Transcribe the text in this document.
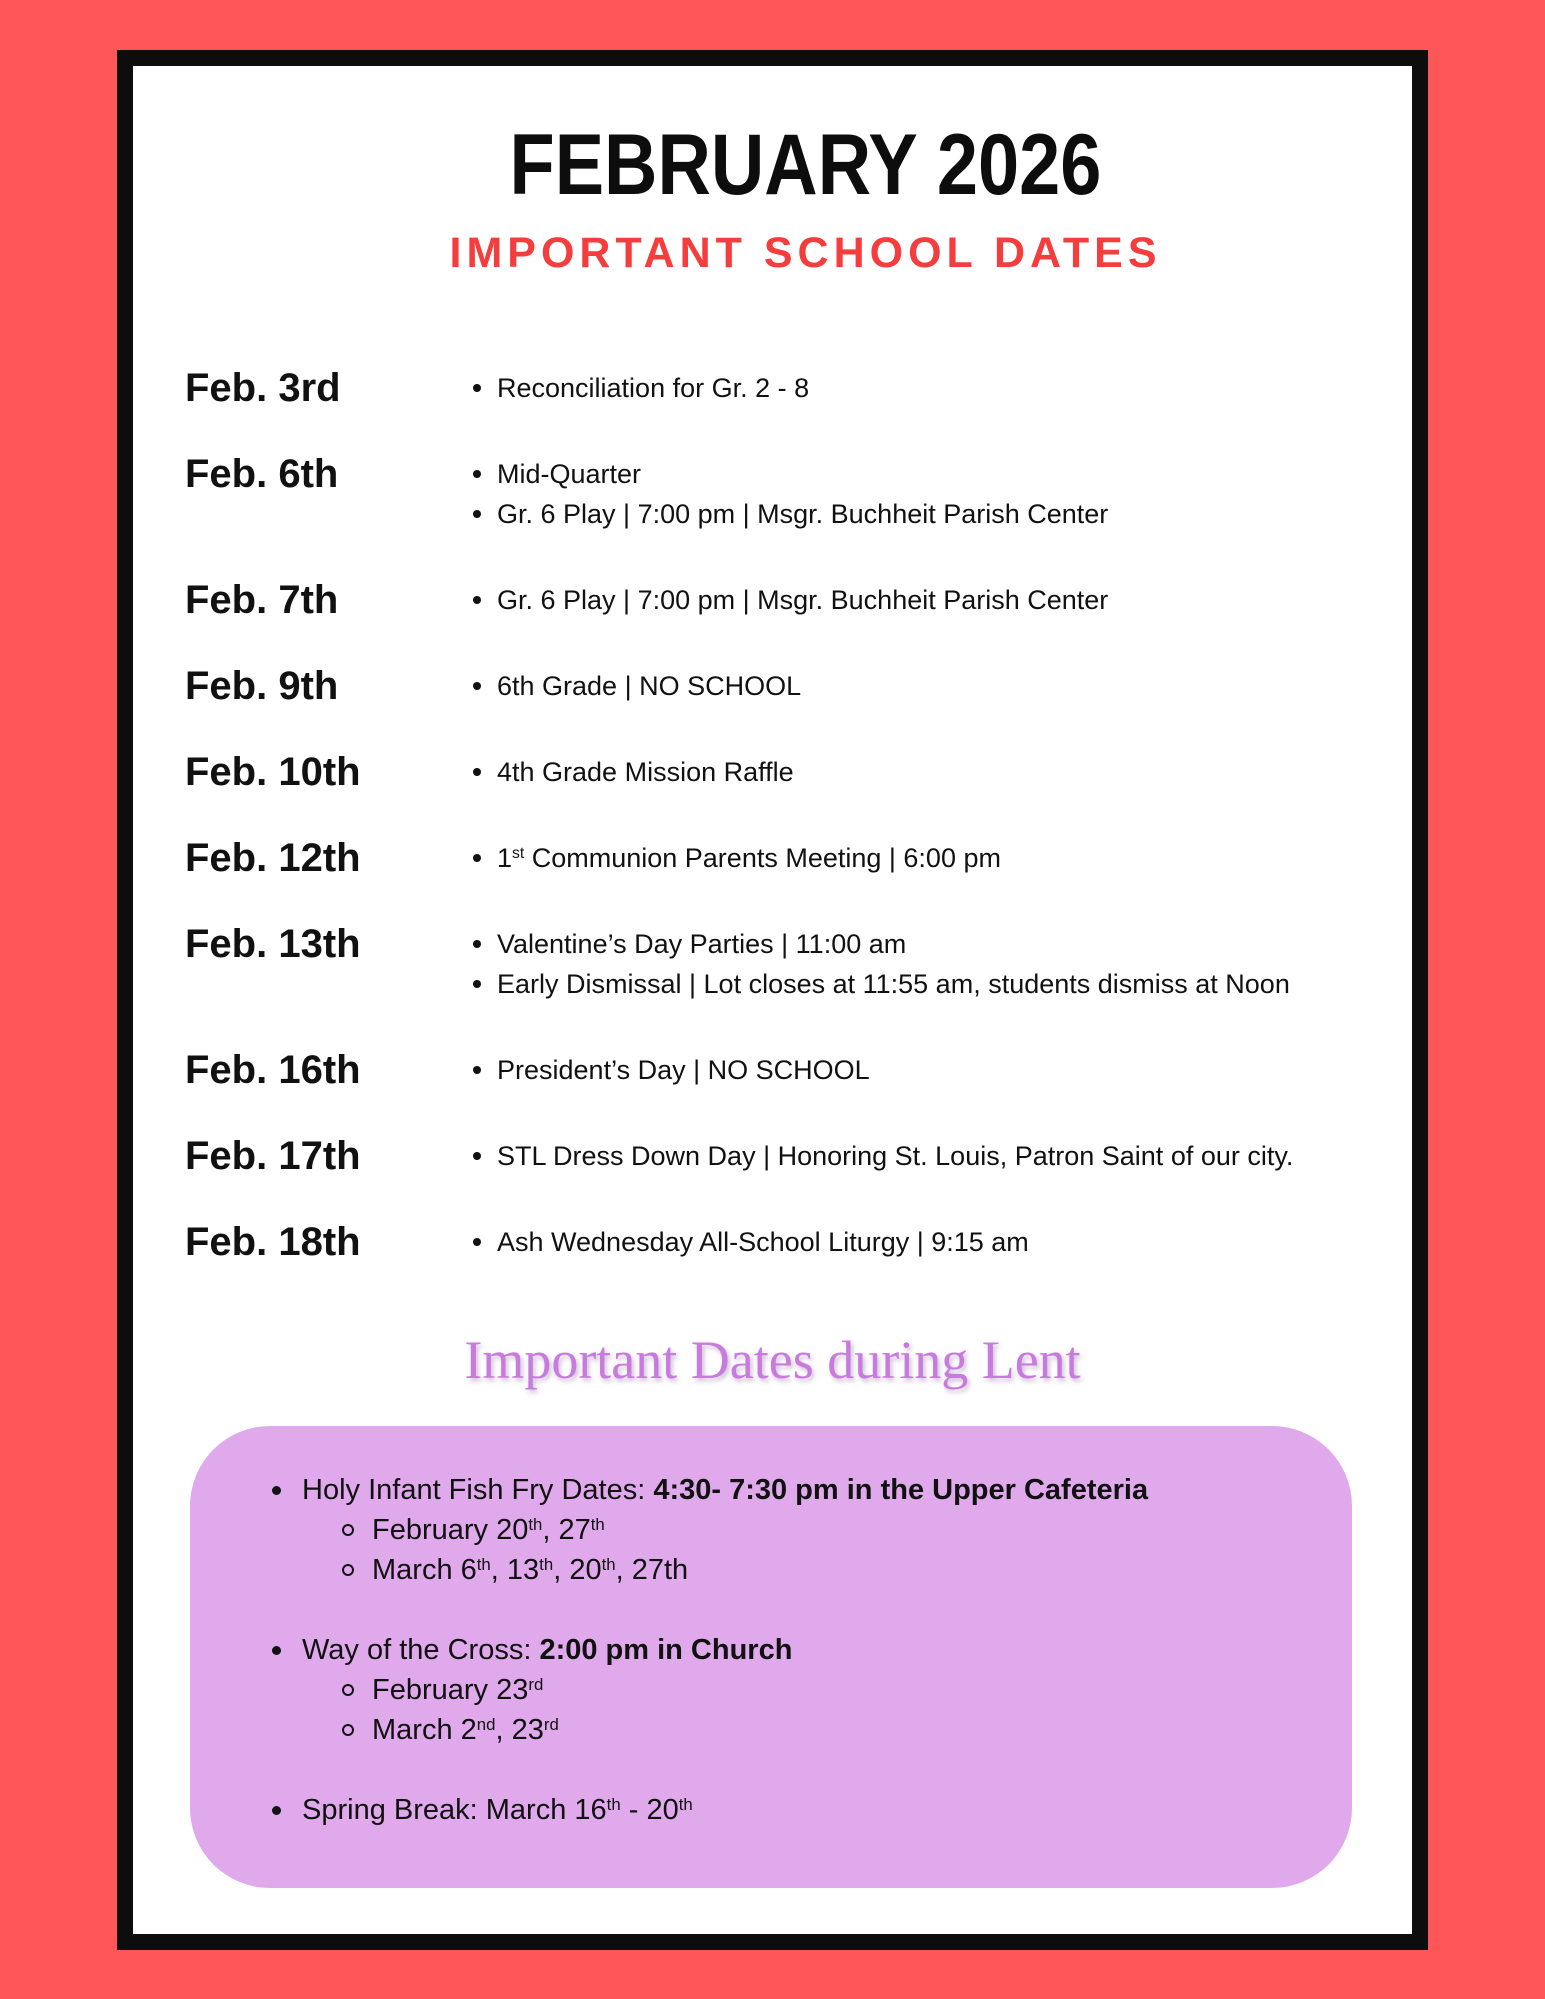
FEBRUARY 2026
IMPORTANT SCHOOL DATES
Feb. 3rd	Reconciliation for Gr. 2 - 8
Feb. 6th	Mid-Quarter
Gr. 6 Play | 7:00 pm | Msgr. Buchheit Parish Center
Feb. 7th	Gr. 6 Play | 7:00 pm | Msgr. Buchheit Parish Center
Feb. 9th	6th Grade | NO SCHOOL
Feb. 10th	4th Grade Mission Raffle
Feb. 12th	1st Communion Parents Meeting | 6:00 pm
Feb. 13th	Valentine’s Day Parties | 11:00 am
Early Dismissal | Lot closes at 11:55 am, students dismiss at Noon
Feb. 16th	President’s Day | NO SCHOOL
Feb. 17th	STL Dress Down Day | Honoring St. Louis, Patron Saint of our city.
Feb. 18th	Ash Wednesday All-School Liturgy | 9:15 am
Important Dates during Lent
Holy Infant Fish Fry Dates: 4:30- 7:30 pm in the Upper Cafeteria
February 20th, 27th
March 6th, 13th, 20th, 27th
Way of the Cross: 2:00 pm in Church
February 23rd
March 2nd, 23rd
Spring Break: March 16th - 20th
